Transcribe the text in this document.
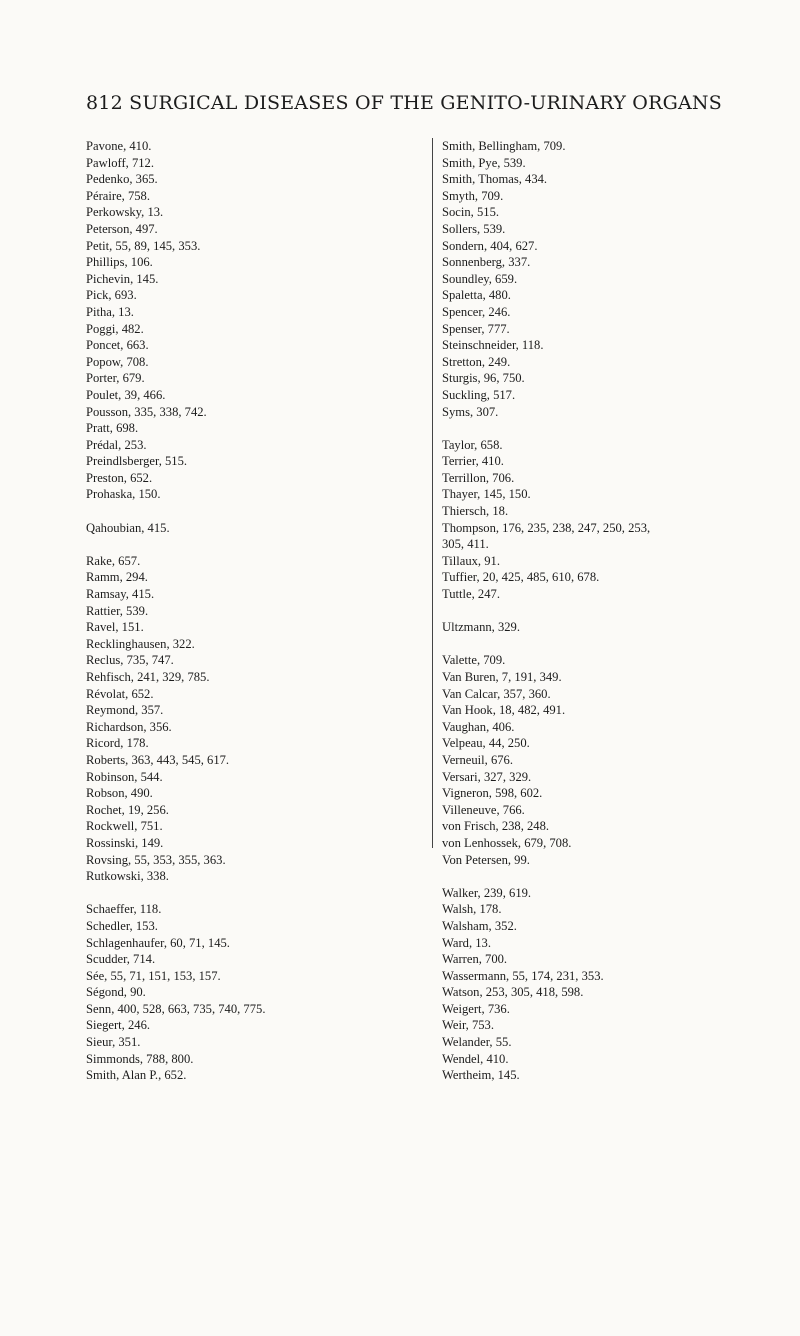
812 SURGICAL DISEASES OF THE GENITO-URINARY ORGANS
Pavone, 410.
Pawloff, 712.
Pedenko, 365.
Péraire, 758.
Perkowsky, 13.
Peterson, 497.
Petit, 55, 89, 145, 353.
Phillips, 106.
Pichevin, 145.
Pick, 693.
Pitha, 13.
Poggi, 482.
Poncet, 663.
Popow, 708.
Porter, 679.
Poulet, 39, 466.
Pousson, 335, 338, 742.
Pratt, 698.
Prédal, 253.
Preindlsberger, 515.
Preston, 652.
Prohaska, 150.
Qahoubian, 415.
Rake, 657.
Ramm, 294.
Ramsay, 415.
Rattier, 539.
Ravel, 151.
Recklinghausen, 322.
Reclus, 735, 747.
Rehfisch, 241, 329, 785.
Révolat, 652.
Reymond, 357.
Richardson, 356.
Ricord, 178.
Roberts, 363, 443, 545, 617.
Robinson, 544.
Robson, 490.
Rochet, 19, 256.
Rockwell, 751.
Rossinski, 149.
Rovsing, 55, 353, 355, 363.
Rutkowski, 338.
Schaeffer, 118.
Schedler, 153.
Schlagenhaufer, 60, 71, 145.
Scudder, 714.
Sée, 55, 71, 151, 153, 157.
Ségond, 90.
Senn, 400, 528, 663, 735, 740, 775.
Siegert, 246.
Sieur, 351.
Simmonds, 788, 800.
Smith, Alan P., 652.
Smith, Bellingham, 709.
Smith, Pye, 539.
Smith, Thomas, 434.
Smyth, 709.
Socin, 515.
Sollers, 539.
Sondern, 404, 627.
Sonnenberg, 337.
Soundley, 659.
Spaletta, 480.
Spencer, 246.
Spenser, 777.
Steinschneider, 118.
Stretton, 249.
Sturgis, 96, 750.
Suckling, 517.
Syms, 307.
Taylor, 658.
Terrier, 410.
Terrillon, 706.
Thayer, 145, 150.
Thiersch, 18.
Thompson, 176, 235, 238, 247, 250, 253,
305, 411.
Tillaux, 91.
Tuffier, 20, 425, 485, 610, 678.
Tuttle, 247.
Ultzmann, 329.
Valette, 709.
Van Buren, 7, 191, 349.
Van Calcar, 357, 360.
Van Hook, 18, 482, 491.
Vaughan, 406.
Velpeau, 44, 250.
Verneuil, 676.
Versari, 327, 329.
Vigneron, 598, 602.
Villeneuve, 766.
von Frisch, 238, 248.
von Lenhossek, 679, 708.
Von Petersen, 99.
Walker, 239, 619.
Walsh, 178.
Walsham, 352.
Ward, 13.
Warren, 700.
Wassermann, 55, 174, 231, 353.
Watson, 253, 305, 418, 598.
Weigert, 736.
Weir, 753.
Welander, 55.
Wendel, 410.
Wertheim, 145.
